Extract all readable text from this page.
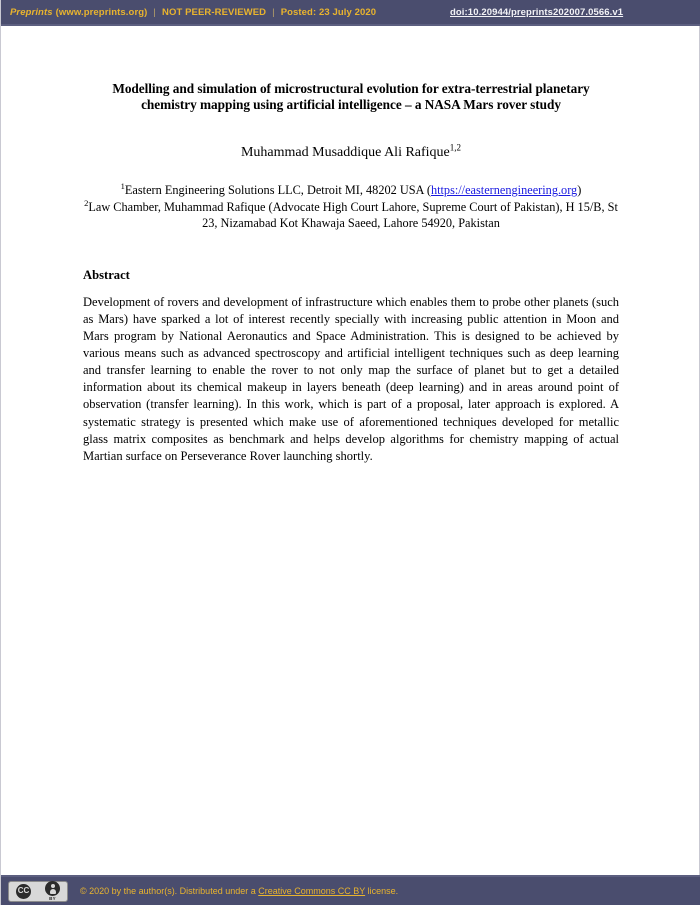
Preprints (www.preprints.org) | NOT PEER-REVIEWED | Posted: 23 July 2020	doi:10.20944/preprints202007.0566.v1
Modelling and simulation of microstructural evolution for extra-terrestrial planetary chemistry mapping using artificial intelligence – a NASA Mars rover study

Muhammad Musaddique Ali Rafique$^{1,2}$

$^1$Eastern Engineering Solutions LLC, Detroit MI, 48202 USA (https://easternengineering.org)
$^2$Law Chamber, Muhammad Rafique (Advocate High Court Lahore, Supreme Court of Pakistan), H 15/B, St 23, Nizamabad Kot Khawaja Saeed, Lahore 54920, Pakistan
Abstract

Development of rovers and development of infrastructure which enables them to probe other planets (such as Mars) have sparked a lot of interest recently specially with increasing public attention in Moon and Mars program by National Aeronautics and Space Administration. This is designed to be achieved by various means such as advanced spectroscopy and artificial intelligent techniques such as deep learning and transfer learning to enable the rover to not only map the surface of planet but to get a detailed information about its chemical makeup in layers beneath (deep learning) and in areas around point of observation (transfer learning). In this work, which is part of a proposal, later approach is explored. A systematic strategy is presented which make use of aforementioned techniques developed for metallic glass matrix composites as benchmark and helps develop algorithms for chemistry mapping of actual Martian surface on Perseverance Rover launching shortly.

CC
BY
© 2020 by the author(s). Distributed under a Creative Commons CC BY license.
